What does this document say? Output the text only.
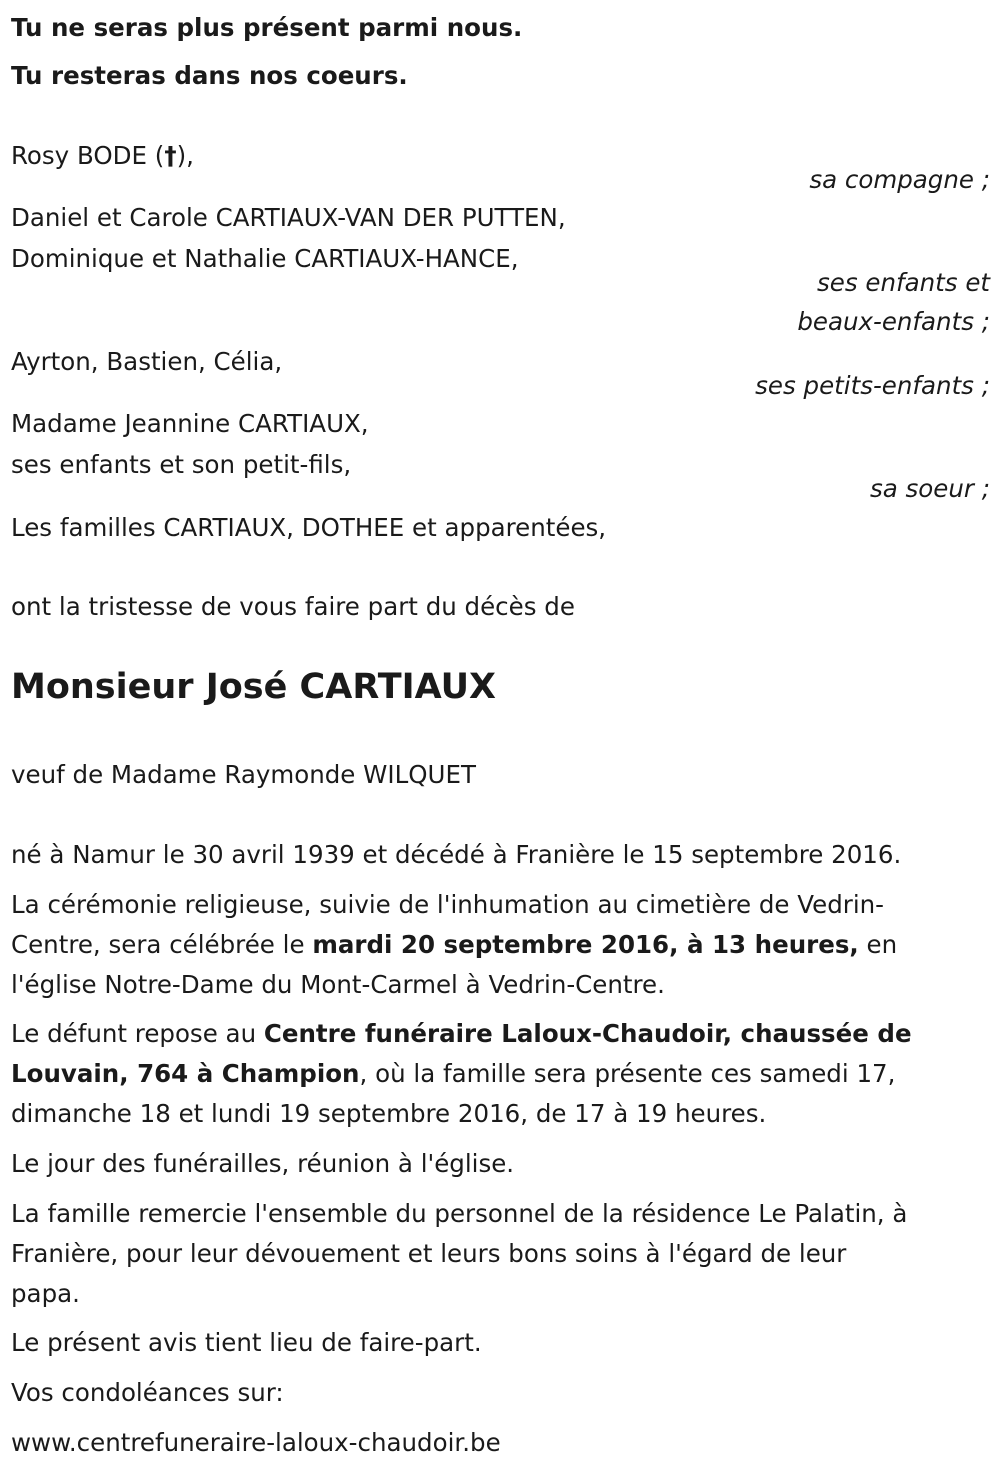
Tu ne seras plus présent parmi nous.
Tu resteras dans nos coeurs.
Rosy BODE (†),
sa compagne ;
Daniel et Carole CARTIAUX-VAN DER PUTTEN,
Dominique et Nathalie CARTIAUX-HANCE,
ses enfants et
beaux-enfants ;
Ayrton, Bastien, Célia,
ses petits-enfants ;
Madame Jeannine CARTIAUX,
ses enfants et son petit-fils,
sa soeur ;
Les familles CARTIAUX, DOTHEE et apparentées,
ont la tristesse de vous faire part du décès de
Monsieur José CARTIAUX
veuf de Madame Raymonde WILQUET
né à Namur le 30 avril 1939 et décédé à Franière le 15 septembre 2016.
La cérémonie religieuse, suivie de l'inhumation au cimetière de Vedrin-
Centre, sera célébrée le mardi 20 septembre 2016, à 13 heures, en
l'église Notre-Dame du Mont-Carmel à Vedrin-Centre.
Le défunt repose au Centre funéraire Laloux-Chaudoir, chaussée de
Louvain, 764 à Champion, où la famille sera présente ces samedi 17,
dimanche 18 et lundi 19 septembre 2016, de 17 à 19 heures.
Le jour des funérailles, réunion à l'église.
La famille remercie l'ensemble du personnel de la résidence Le Palatin, à
Franière, pour leur dévouement et leurs bons soins à l'égard de leur
papa.
Le présent avis tient lieu de faire-part.
Vos condoléances sur:
www.centrefuneraire-laloux-chaudoir.be
